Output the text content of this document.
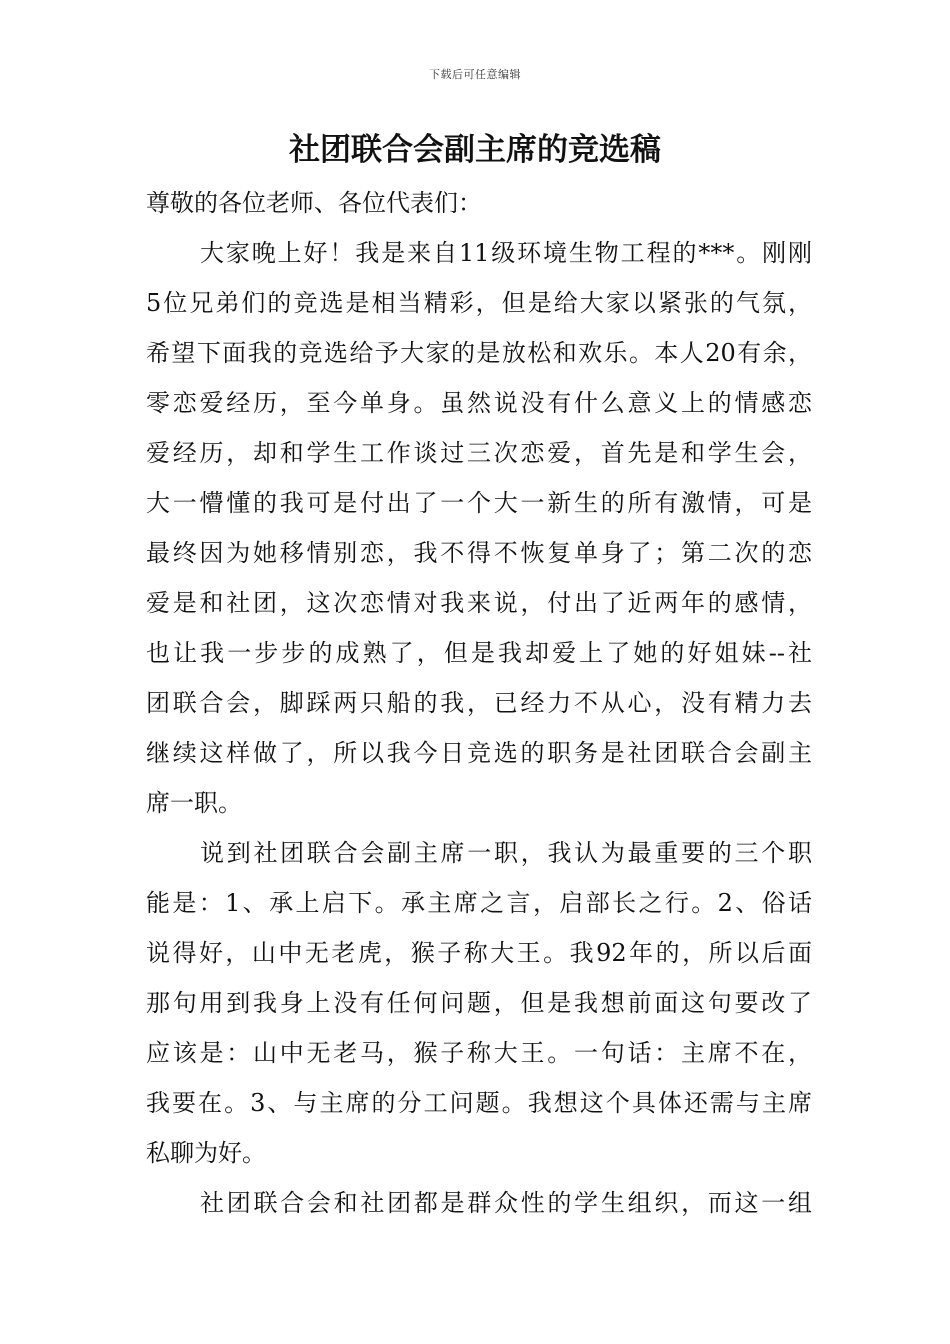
下载后可任意编辑
社团联合会副主席的竞选稿
尊敬的各位老师、各位代表们：
大家晚上好！我是来自11级环境生物工程的***。刚刚
5位兄弟们的竞选是相当精彩，但是给大家以紧张的气氛，
希望下面我的竞选给予大家的是放松和欢乐。本人20有余，
零恋爱经历，至今单身。虽然说没有什么意义上的情感恋
爱经历，却和学生工作谈过三次恋爱，首先是和学生会，
大一懵懂的我可是付出了一个大一新生的所有激情，可是
最终因为她移情别恋，我不得不恢复单身了；第二次的恋
爱是和社团，这次恋情对我来说，付出了近两年的感情，
也让我一步步的成熟了，但是我却爱上了她的好姐妹--社
团联合会，脚踩两只船的我，已经力不从心，没有精力去
继续这样做了，所以我今日竞选的职务是社团联合会副主
席一职。
说到社团联合会副主席一职，我认为最重要的三个职
能是：1、承上启下。承主席之言，启部长之行。2、俗话
说得好，山中无老虎，猴子称大王。我92年的，所以后面
那句用到我身上没有任何问题，但是我想前面这句要改了
应该是：山中无老马，猴子称大王。一句话：主席不在，
我要在。3、与主席的分工问题。我想这个具体还需与主席
私聊为好。
社团联合会和社团都是群众性的学生组织，而这一组
